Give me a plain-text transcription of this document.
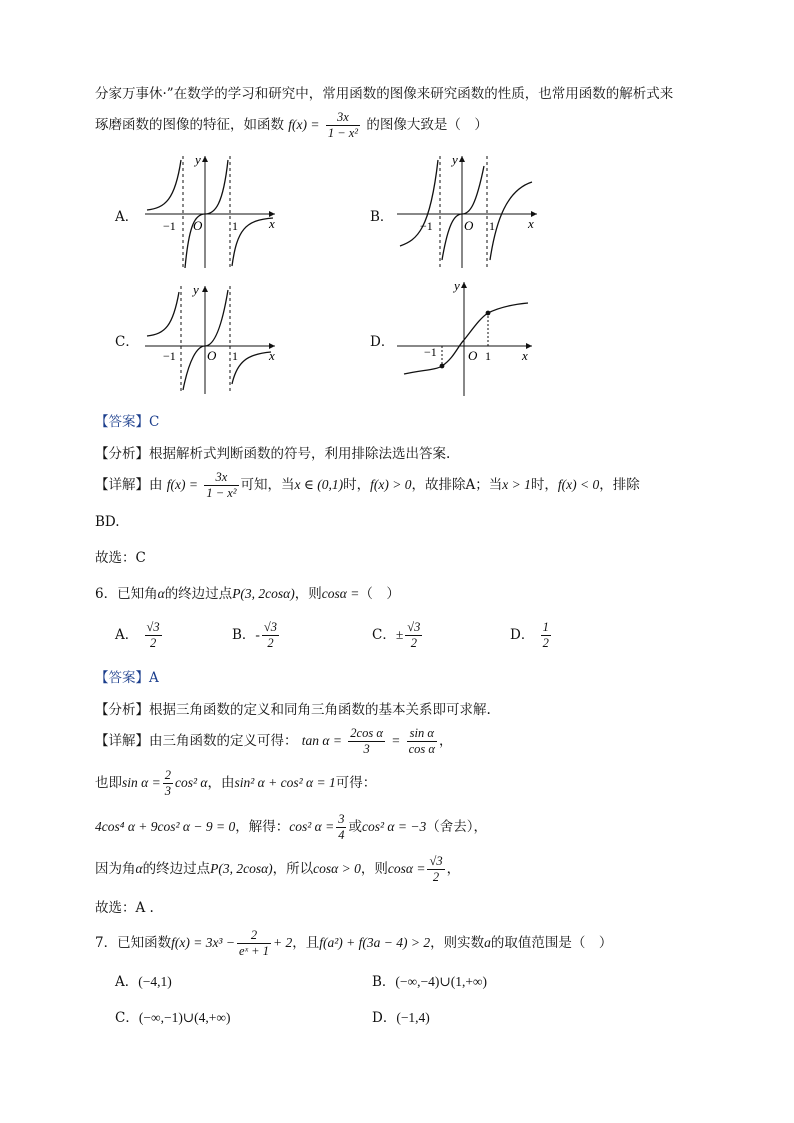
分家万事休·”在数学的学习和研究中，常用函数的图像来研究函数的性质，也常用函数的解析式来
琢磨函数的图像的特征，如函数 $f(x) = \frac{3x}{\text{1 − x²}}$ 的图像大致是（　）
A．	B．
C．	D．
y
x
O
−1	1
y
x
O
−1	1
y
x
O
−1	1
y
x
O
−1	1
【答案】C
【分析】根据解析式判断函数的符号，利用排除法选出答案.
【详解】由 $f(x) = \frac{3x}{\text{1 − x²}}$ 可知，当x ∈ (0,1)时，f(x) > 0，故排除A；当x > 1时，f(x) < 0，排除
BD.
故选：C
6．已知角α的终边过点P(3, 2cosα)，则cosα =（　）
A． $\frac{√3}{2}$	B．- $\frac{√3}{2}$	C．± $\frac{√3}{2}$	D． $\frac{1}{2}$
【答案】A
【分析】根据三角函数的定义和同角三角函数的基本关系即可求解.
【详解】由三角函数的定义可得： $\tan \alpha = \frac{\text{2cos α}}{3} = \frac{\text{sin α}}{\text{cos α}}$ ，
也即$\sin \alpha = \frac{2}{3} \cos^2$ α，由sin² α + cos² α = 1可得：
4cos⁴ α + 9cos² α − 9 = 0，解得：cos² $\alpha = \frac{3}{4}$ 或cos² α = −3（舍去），
因为角α的终边过点P(3, 2cosα)，所以cosα > 0，则$\cos\alpha = \frac{√3}{2}$ ，
故选：A .
7．已知函数$f(x) = 3x^3 - \frac{2}{\text{eˣ + 1}} + 2$，且f(a²) + f(3a − 4) > 2，则实数a的取值范围是（　）
A．(−4,1)	B．(−∞,−4)∪(1,+∞)
C．(−∞,−1)∪(4,+∞)	D．(−1,4)
